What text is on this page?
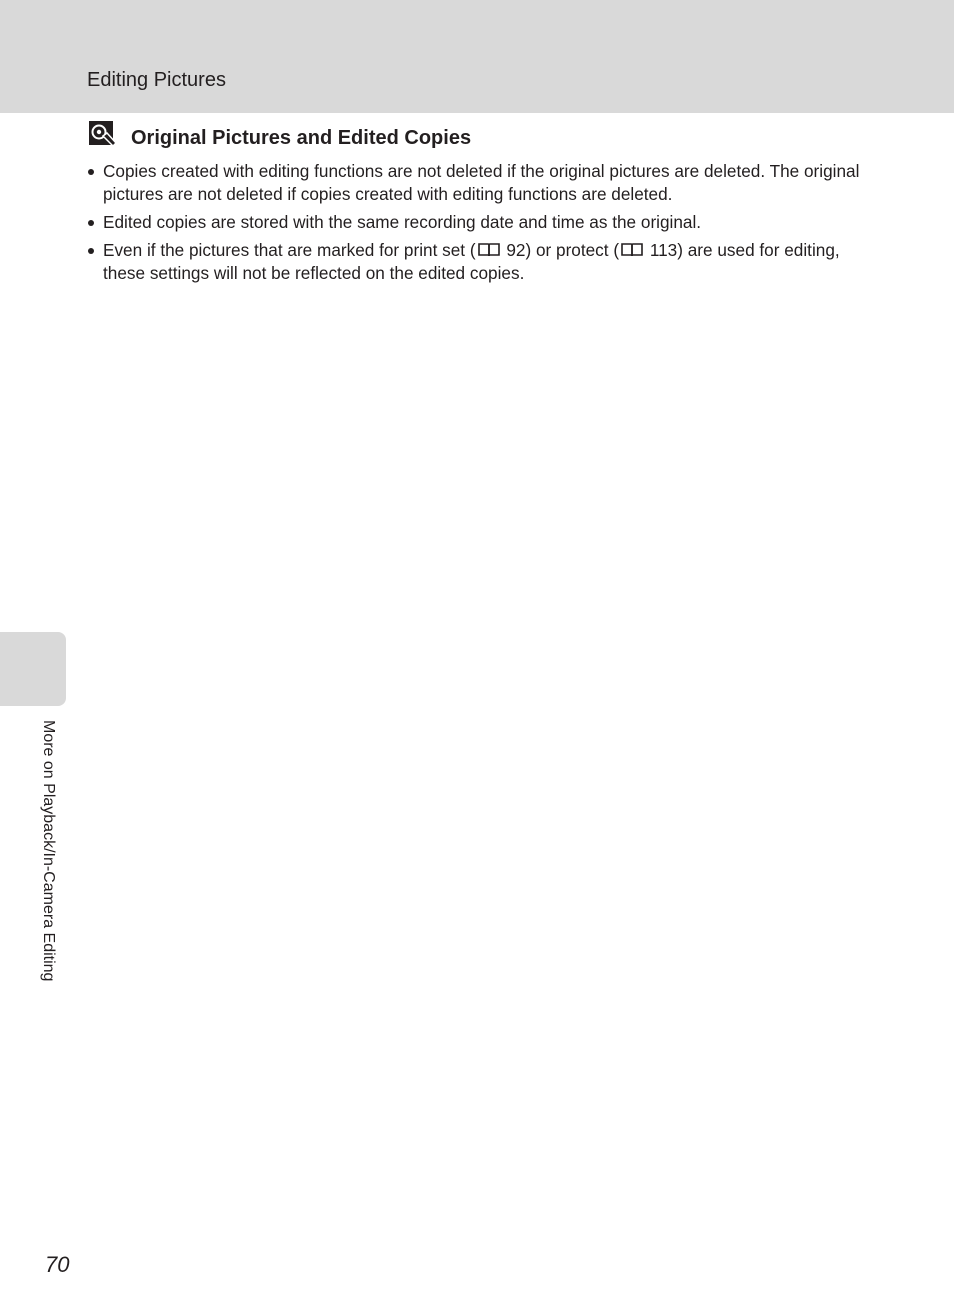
Editing Pictures
Original Pictures and Edited Copies
Copies created with editing functions are not deleted if the original pictures are deleted. The original pictures are not deleted if copies created with editing functions are deleted.
Edited copies are stored with the same recording date and time as the original.
Even if the pictures that are marked for print set ( 92) or protect ( 113) are used for editing, these settings will not be reflected on the edited copies.
More on Playback/In-Camera Editing
70
